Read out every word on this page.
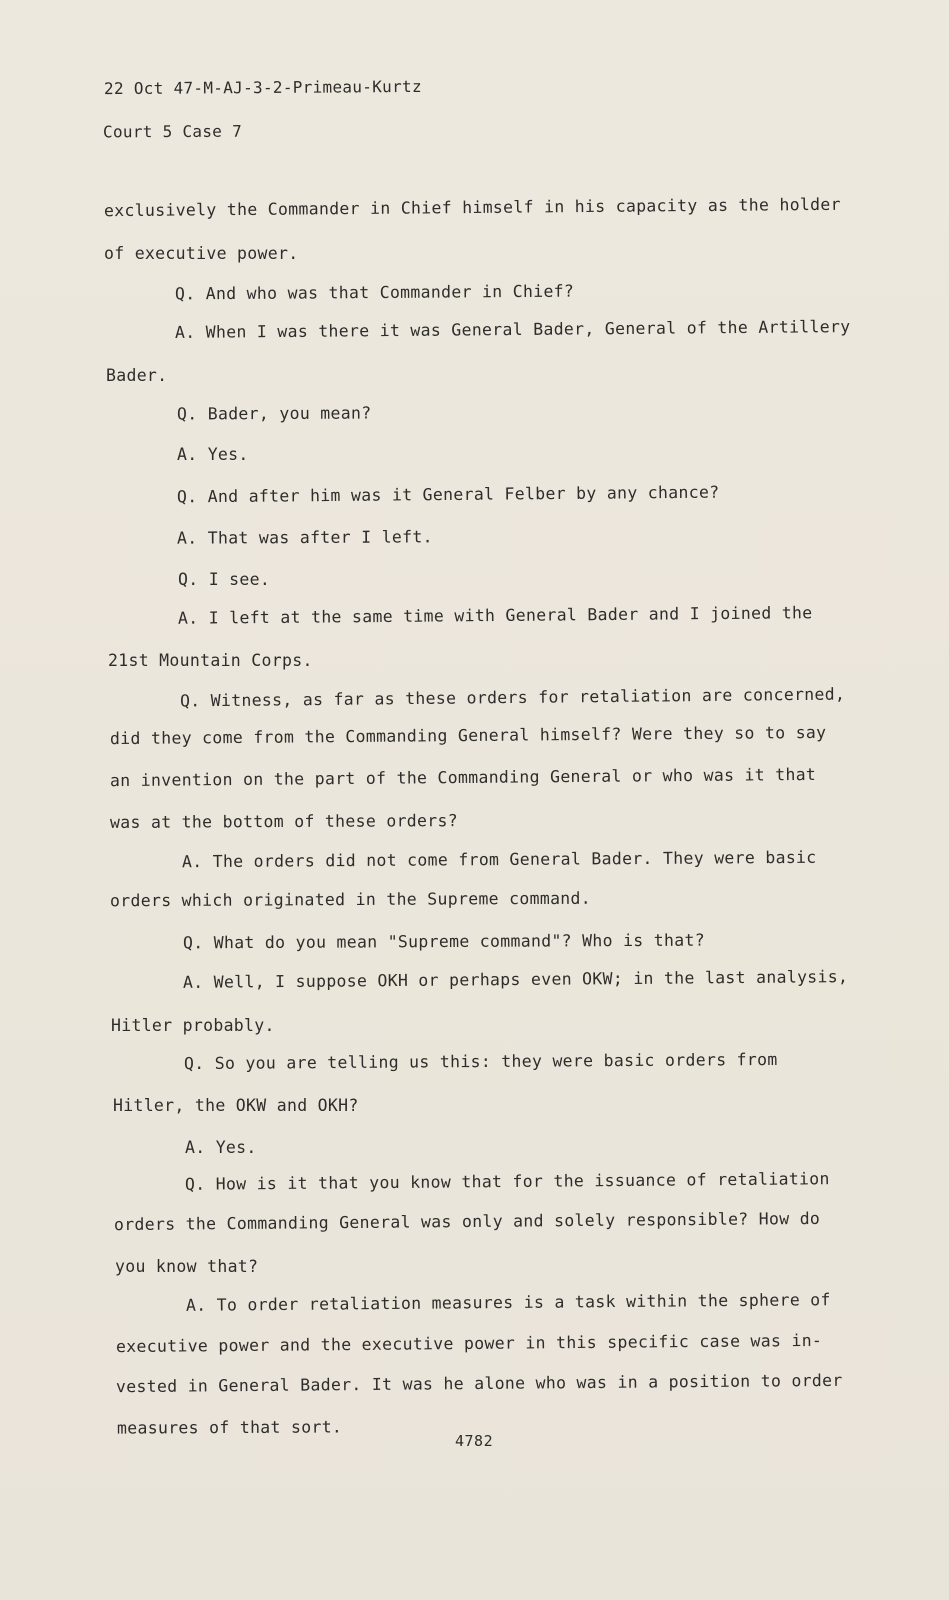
22 Oct 47-M-AJ-3-2-Primeau-Kurtz
Court 5 Case 7
exclusively the Commander in Chief himself in his capacity as the holder
of executive power.
Q. And who was that Commander in Chief?
A. When I was there it was General Bader, General of the Artillery
Bader.
Q. Bader, you mean?
A. Yes.
Q. And after him was it General Felber by any chance?
A. That was after I left.
Q. I see.
A. I left at the same time with General Bader and I joined the
21st Mountain Corps.
Q. Witness, as far as these orders for retaliation are concerned,
did they come from the Commanding General himself? Were they so to say
an invention on the part of the Commanding General or who was it that
was at the bottom of these orders?
A. The orders did not come from General Bader. They were basic
orders which originated in the Supreme command.
Q. What do you mean "Supreme command"? Who is that?
A. Well, I suppose OKH or perhaps even OKW; in the last analysis,
Hitler probably.
Q. So you are telling us this: they were basic orders from
Hitler, the OKW and OKH?
A. Yes.
Q. How is it that you know that for the issuance of retaliation
orders the Commanding General was only and solely responsible? How do
you know that?
A. To order retaliation measures is a task within the sphere of
executive power and the executive power in this specific case was in-
vested in General Bader. It was he alone who was in a position to order
measures of that sort.
4782
